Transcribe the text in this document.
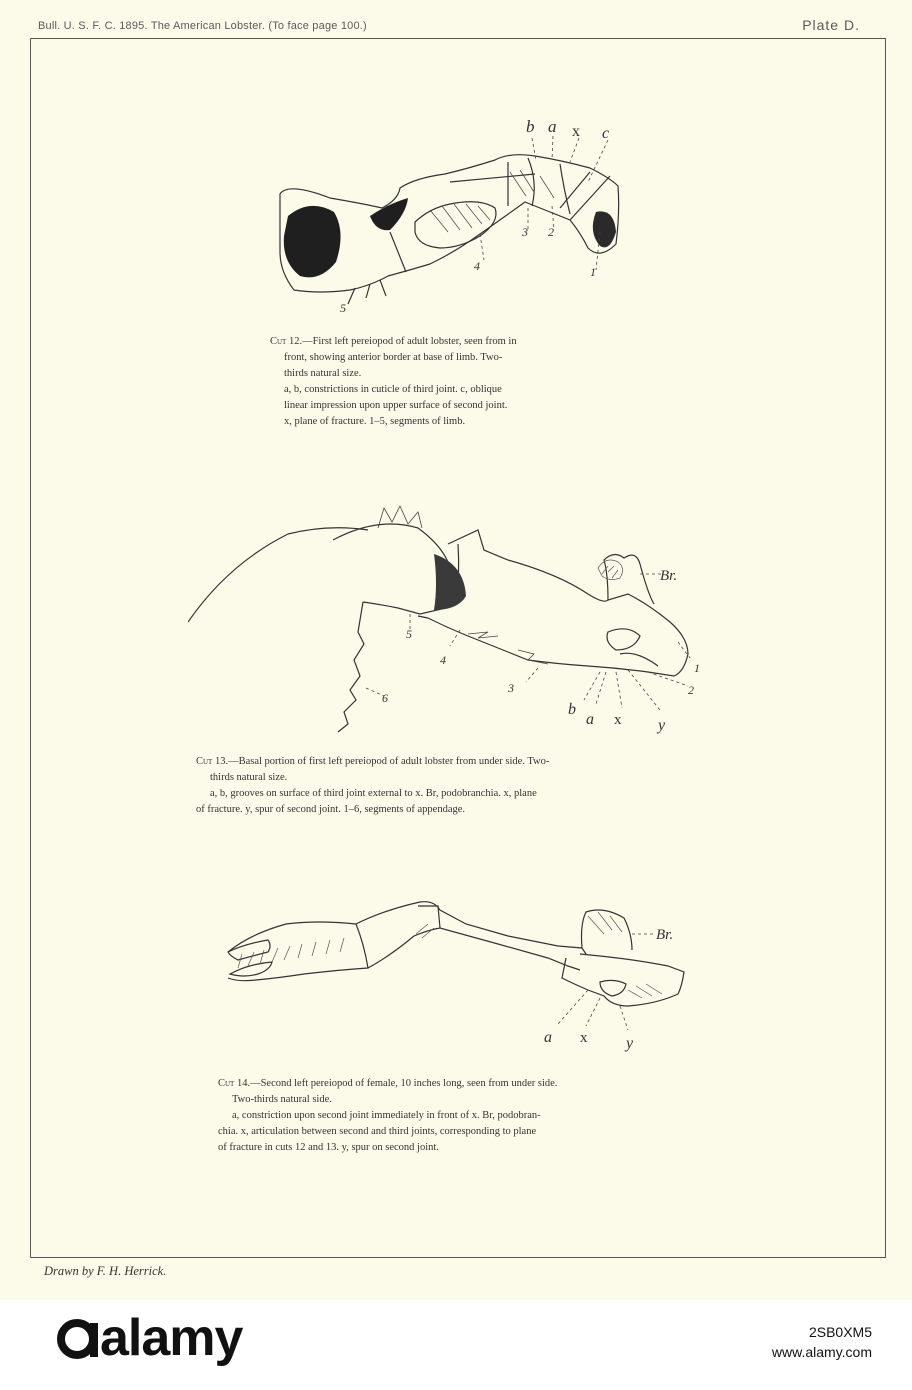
Bull. U. S. F. C. 1895. The American Lobster. (To face page 100.)	Plate D.
b a x c
3 2
4	1
5

Cut 12.—First left pereiopod of adult lobster, seen from in

front, showing anterior border at base of limb. Two-

thirds natural size.

a, b, constrictions in cuticle of third joint. c, oblique

linear impression upon upper surface of second joint.

x, plane of fracture. 1–5, segments of limb.

Br.
5
4
1
3	2
6
b
a x y

Cut 13.—Basal portion of first left pereiopod of adult lobster from under side. Two-

thirds natural size.

a, b, grooves on surface of third joint external to x. Br, podobranchia. x, plane

of fracture. y, spur of second joint. 1–6, segments of appendage.

Br.
a x y

Cut 14.—Second left pereiopod of female, 10 inches long, seen from under side.

Two-thirds natural side.

a, constriction upon second joint immediately in front of x. Br, podobran-

chia. x, articulation between second and third joints, corresponding to plane

of fracture in cuts 12 and 13. y, spur on second joint.

Drawn by F. H. Herrick.
alamy	2SB0XM5
www.alamy.com
